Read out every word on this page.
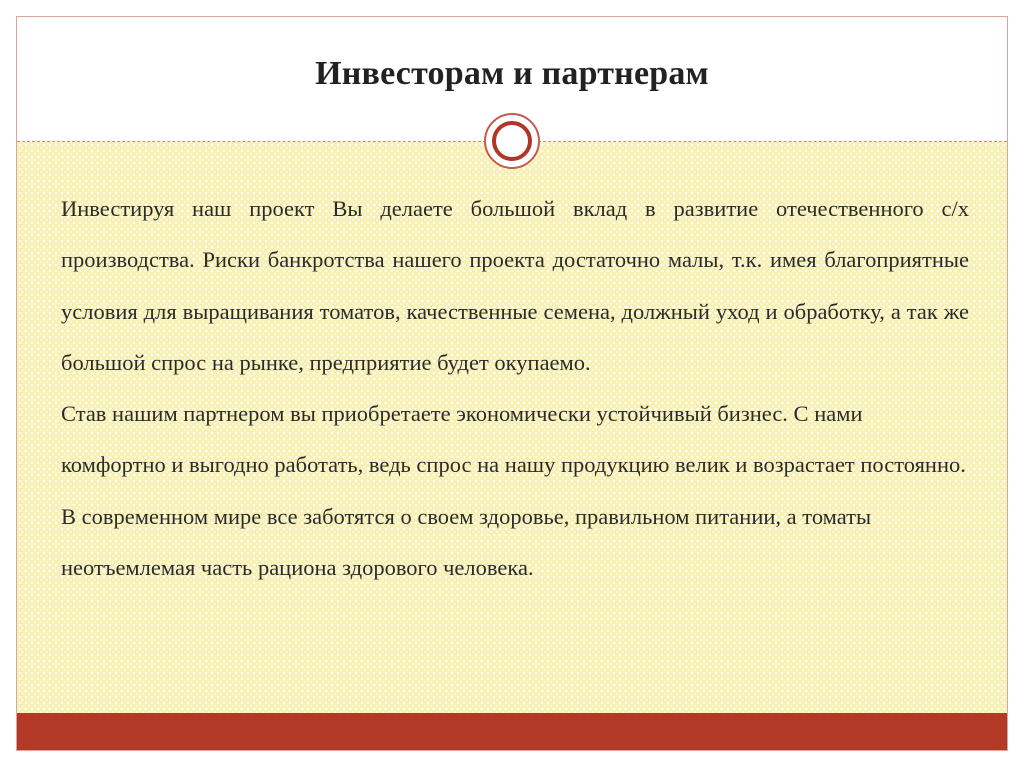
Инвесторам и партнерам

Инвестируя наш проект Вы делаете большой вклад в развитие отечественного с/х производства. Риски банкротства нашего проекта достаточно малы, т.к. имея благоприятные условия для выращивания томатов, качественные семена, должный уход и обработку, а так же большой спрос на рынке, предприятие будет окупаемо.

Став нашим партнером вы приобретаете экономически устойчивый бизнес. С нами комфортно и выгодно работать, ведь спрос на нашу продукцию велик и возрастает постоянно. В современном мире все заботятся о своем здоровье, правильном питании, а томаты неотъемлемая часть рациона здорового человека.
